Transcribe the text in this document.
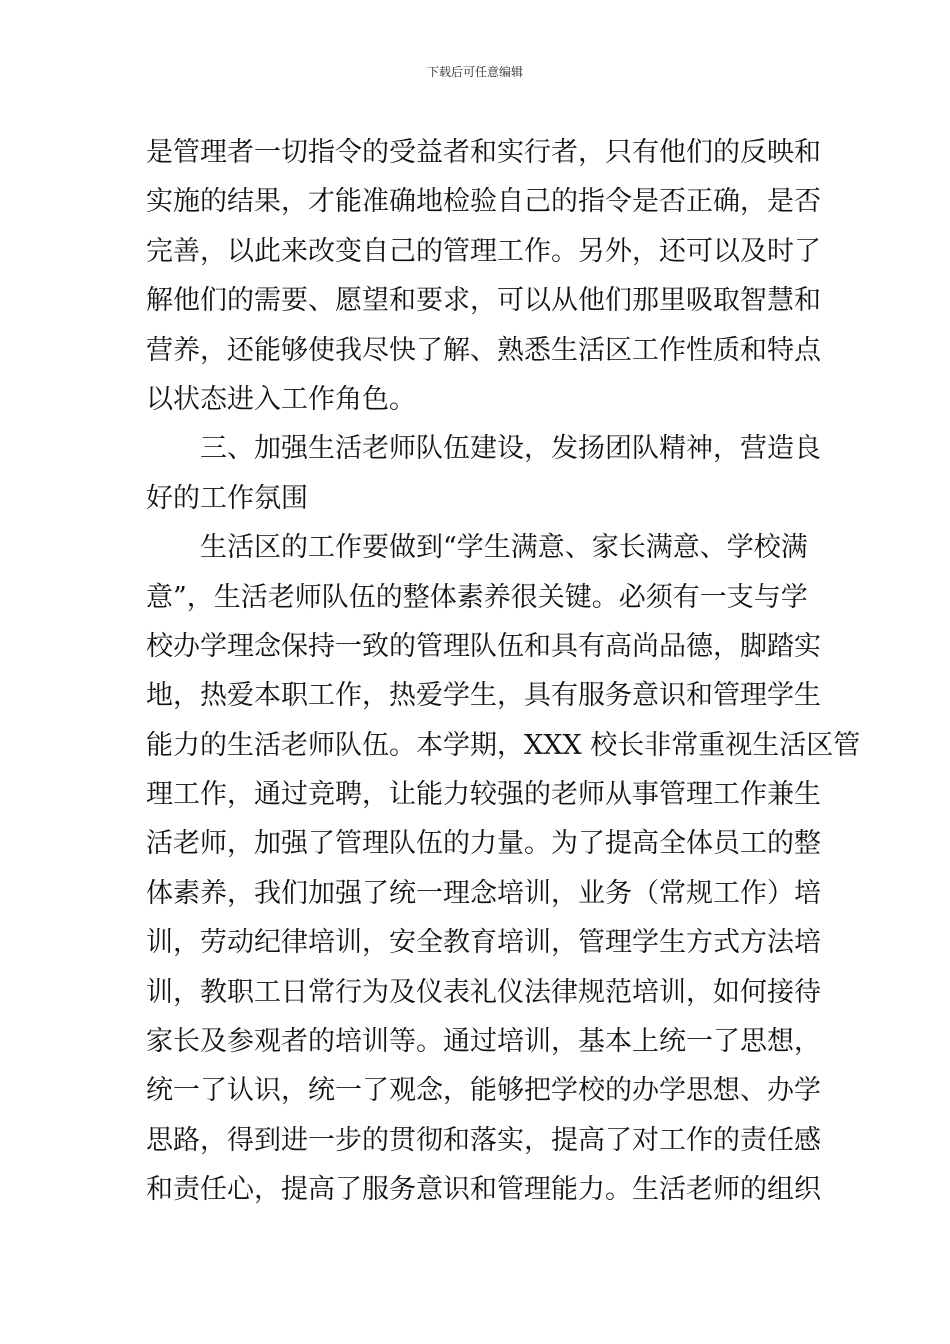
下载后可任意编辑
是管理者一切指令的受益者和实行者，只有他们的反映和
实施的结果，才能准确地检验自己的指令是否正确，是否
完善，以此来改变自己的管理工作。另外，还可以及时了
解他们的需要、愿望和要求，可以从他们那里吸取智慧和
营养，还能够使我尽快了解、熟悉生活区工作性质和特点
以状态进入工作角色。
三、加强生活老师队伍建设，发扬团队精神，营造良
好的工作氛围
生活区的工作要做到“学生满意、家长满意、学校满
意”，生活老师队伍的整体素养很关键。必须有一支与学
校办学理念保持一致的管理队伍和具有高尚品德，脚踏实
地，热爱本职工作，热爱学生，具有服务意识和管理学生
能力的生活老师队伍。本学期，XXX 校长非常重视生活区管
理工作，通过竞聘，让能力较强的老师从事管理工作兼生
活老师，加强了管理队伍的力量。为了提高全体员工的整
体素养，我们加强了统一理念培训，业务（常规工作）培
训，劳动纪律培训，安全教育培训，管理学生方式方法培
训，教职工日常行为及仪表礼仪法律规范培训，如何接待
家长及参观者的培训等。通过培训，基本上统一了思想，
统一了认识，统一了观念，能够把学校的办学思想、办学
思路，得到进一步的贯彻和落实，提高了对工作的责任感
和责任心，提高了服务意识和管理能力。生活老师的组织
